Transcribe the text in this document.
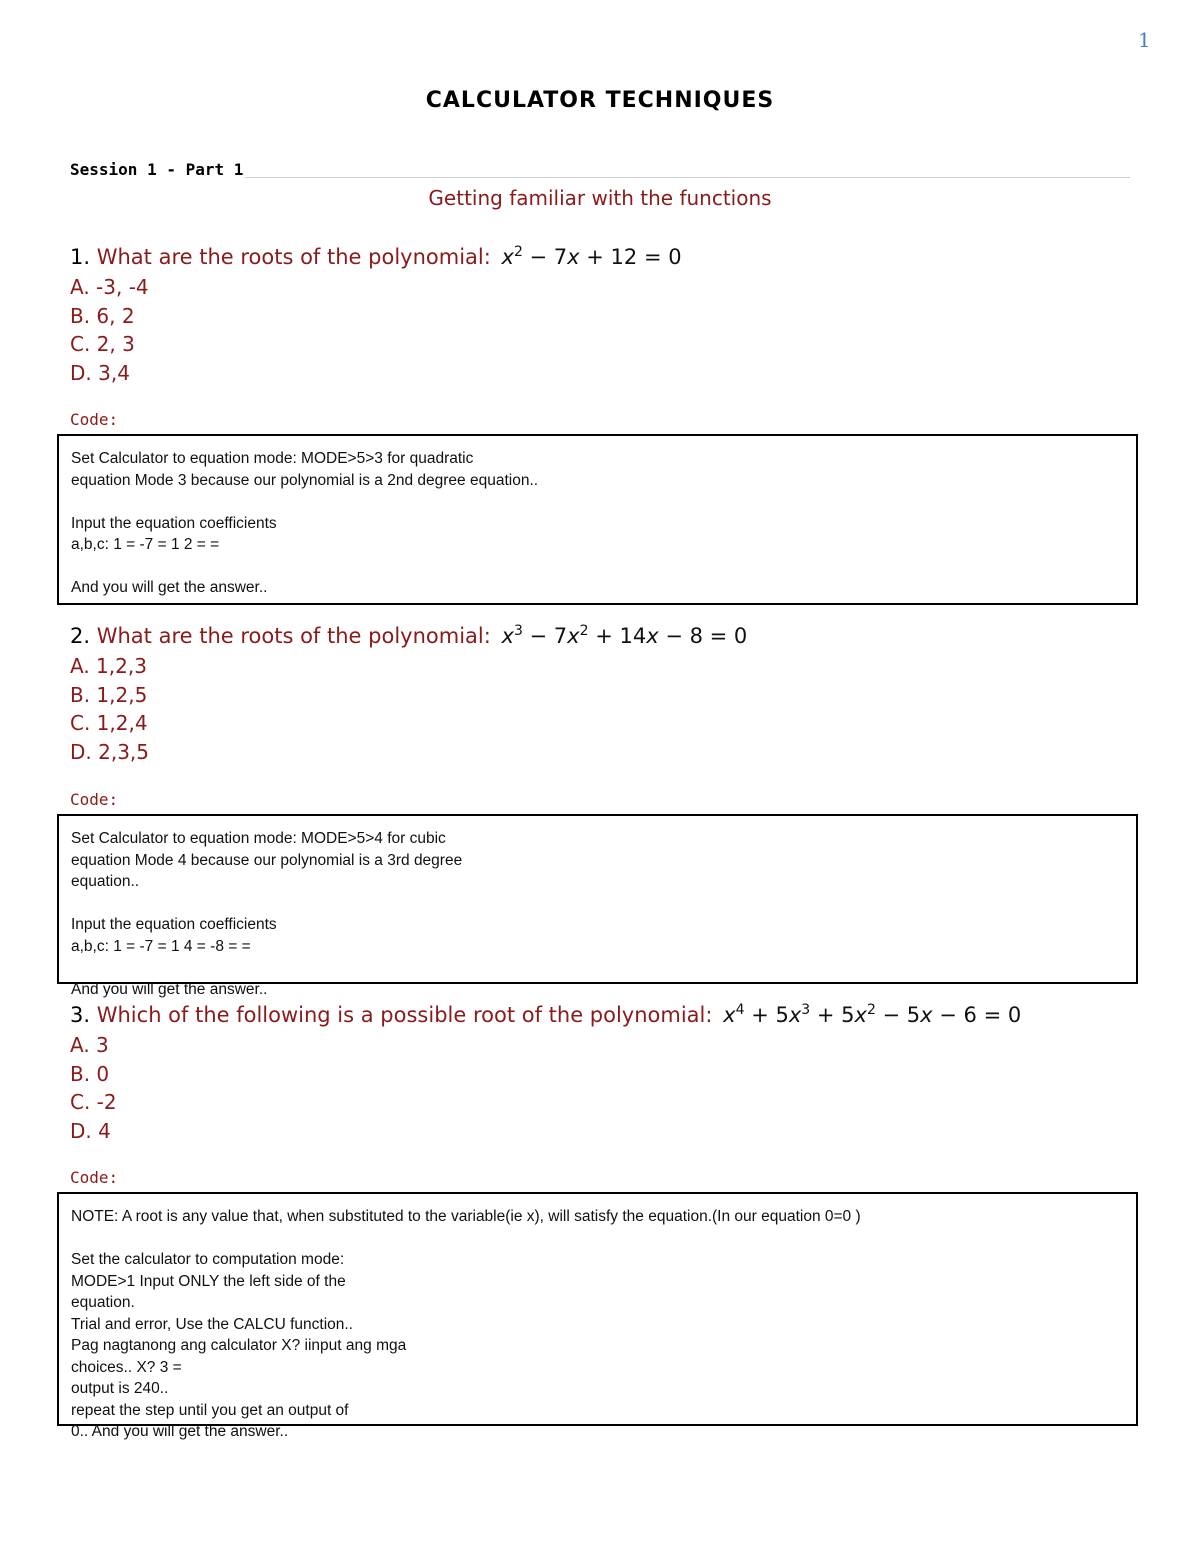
1
CALCULATOR TECHNIQUES
Session 1 - Part 1
Getting familiar with the functions
1. What are the roots of the polynomial: $x^2 - 7x + 12 = 0$
A. -3, -4
B. 6, 2
C. 2, 3
D. 3,4
Code:
Set Calculator to equation mode: MODE>5>3 for quadratic
equation Mode 3 because our polynomial is a 2nd degree equation..
Input the equation coefficients
a,b,c: 1 = -7 = 1 2 = =
And you will get the answer..
2. What are the roots of the polynomial: $x^3 - 7x^2 + 14x - 8 = 0$
A. 1,2,3
B. 1,2,5
C. 1,2,4
D. 2,3,5
Code:
Set Calculator to equation mode: MODE>5>4 for cubic
equation Mode 4 because our polynomial is a 3rd degree
equation..
Input the equation coefficients
a,b,c: 1 = -7 = 1 4 = -8 = =
And you will get the answer..
3. Which of the following is a possible root of the polynomial: $x^4 + 5x^3 + 5x^2 - 5x - 6 = 0$
A. 3
B. 0
C. -2
D. 4
Code:
NOTE: A root is any value that, when substituted to the variable(ie x), will satisfy the equation.(In our equation 0=0 )
Set the calculator to computation mode:
MODE>1 Input ONLY the left side of the
equation.
Trial and error, Use the CALCU function..
Pag nagtanong ang calculator X? iinput ang mga
choices.. X? 3 =
output is 240..
repeat the step until you get an output of
0.. And you will get the answer..
